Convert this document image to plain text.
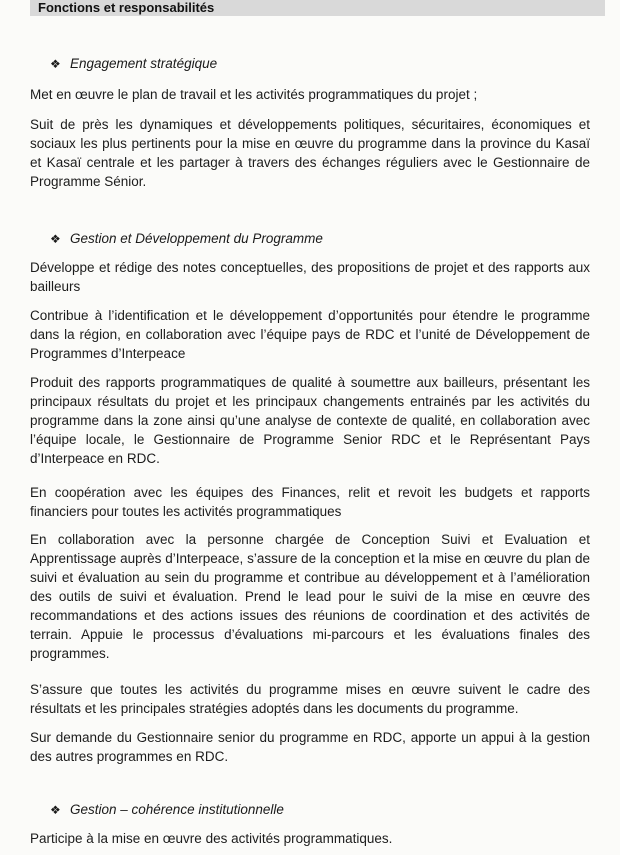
Fonctions et responsabilités
❖ Engagement stratégique
Met en œuvre le plan de travail et les activités programmatiques du projet ;
Suit de près les dynamiques et développements politiques, sécuritaires, économiques et sociaux les plus pertinents pour la mise en œuvre du programme dans la province du Kasaï et Kasaï centrale et les partager à travers des échanges réguliers avec le Gestionnaire de Programme Sénior.
❖ Gestion et Développement du Programme
Développe et rédige des notes conceptuelles, des propositions de projet et des rapports aux bailleurs
Contribue à l’identification et le développement d’opportunités pour étendre le programme dans la région, en collaboration avec l’équipe pays de RDC et l’unité de Développement de Programmes d’Interpeace
Produit des rapports programmatiques de qualité à soumettre aux bailleurs, présentant les principaux résultats du projet et les principaux changements entrainés par les activités du programme dans la zone ainsi qu’une analyse de contexte de qualité, en collaboration avec l’équipe locale, le Gestionnaire de Programme Senior RDC et le Représentant Pays d’Interpeace en RDC.
En coopération avec les équipes des Finances, relit et revoit les budgets et rapports financiers pour toutes les activités programmatiques
En collaboration avec la personne chargée de Conception Suivi et Evaluation et Apprentissage auprès d’Interpeace, s’assure de la conception et la mise en œuvre du plan de suivi et évaluation au sein du programme et contribue au développement et à l’amélioration des outils de suivi et évaluation. Prend le lead pour le suivi de la mise en œuvre des recommandations et des actions issues des réunions de coordination et des activités de terrain. Appuie le processus d’évaluations mi-parcours et les évaluations finales des programmes.
S’assure que toutes les activités du programme mises en œuvre suivent le cadre des résultats et les principales stratégies adoptés dans les documents du programme.
Sur demande du Gestionnaire senior du programme en RDC, apporte un appui à la gestion des autres programmes en RDC.
❖ Gestion – cohérence institutionnelle
Participe à la mise en œuvre des activités programmatiques.
